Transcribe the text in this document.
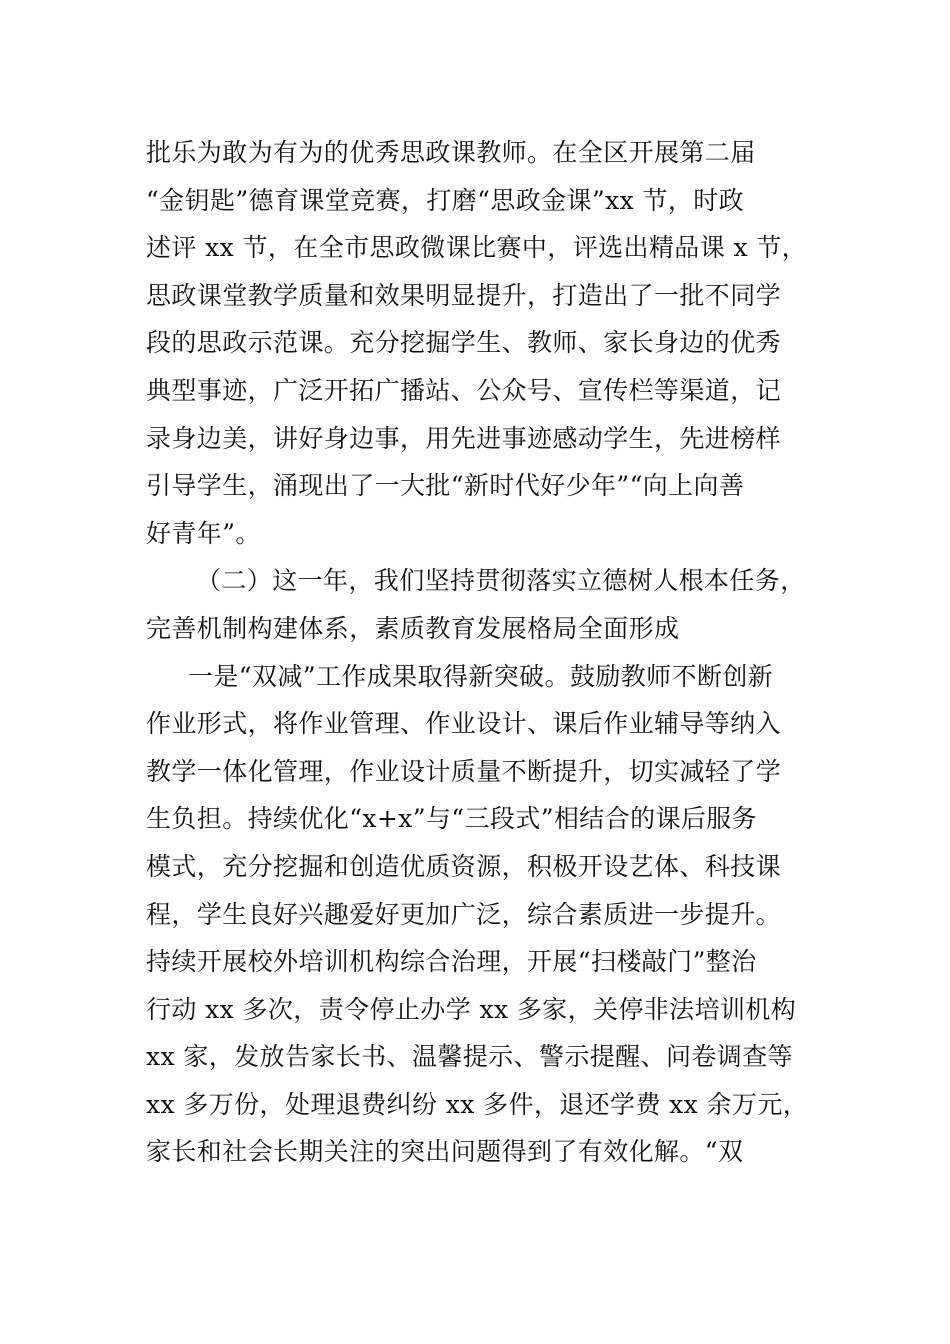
批乐为敢为有为的优秀思政课教师。在全区开展第二届
“金钥匙”德育课堂竞赛，打磨“思政金课”xx 节，时政
述评 xx 节，在全市思政微课比赛中，评选出精品课 x 节，
思政课堂教学质量和效果明显提升，打造出了一批不同学
段的思政示范课。充分挖掘学生、教师、家长身边的优秀
典型事迹，广泛开拓广播站、公众号、宣传栏等渠道，记
录身边美，讲好身边事，用先进事迹感动学生，先进榜样
引导学生，涌现出了一大批“新时代好少年”“向上向善
好青年”。
（二）这一年，我们坚持贯彻落实立德树人根本任务，
完善机制构建体系，素质教育发展格局全面形成
一是“双减”工作成果取得新突破。鼓励教师不断创新
作业形式，将作业管理、作业设计、课后作业辅导等纳入
教学一体化管理，作业设计质量不断提升，切实减轻了学
生负担。持续优化“x+x”与“三段式”相结合的课后服务
模式，充分挖掘和创造优质资源，积极开设艺体、科技课
程，学生良好兴趣爱好更加广泛，综合素质进一步提升。
持续开展校外培训机构综合治理，开展“扫楼敲门”整治
行动 xx 多次，责令停止办学 xx 多家，关停非法培训机构
xx 家，发放告家长书、温馨提示、警示提醒、问卷调查等
xx 多万份，处理退费纠纷 xx 多件，退还学费 xx 余万元，
家长和社会长期关注的突出问题得到了有效化解。“双
